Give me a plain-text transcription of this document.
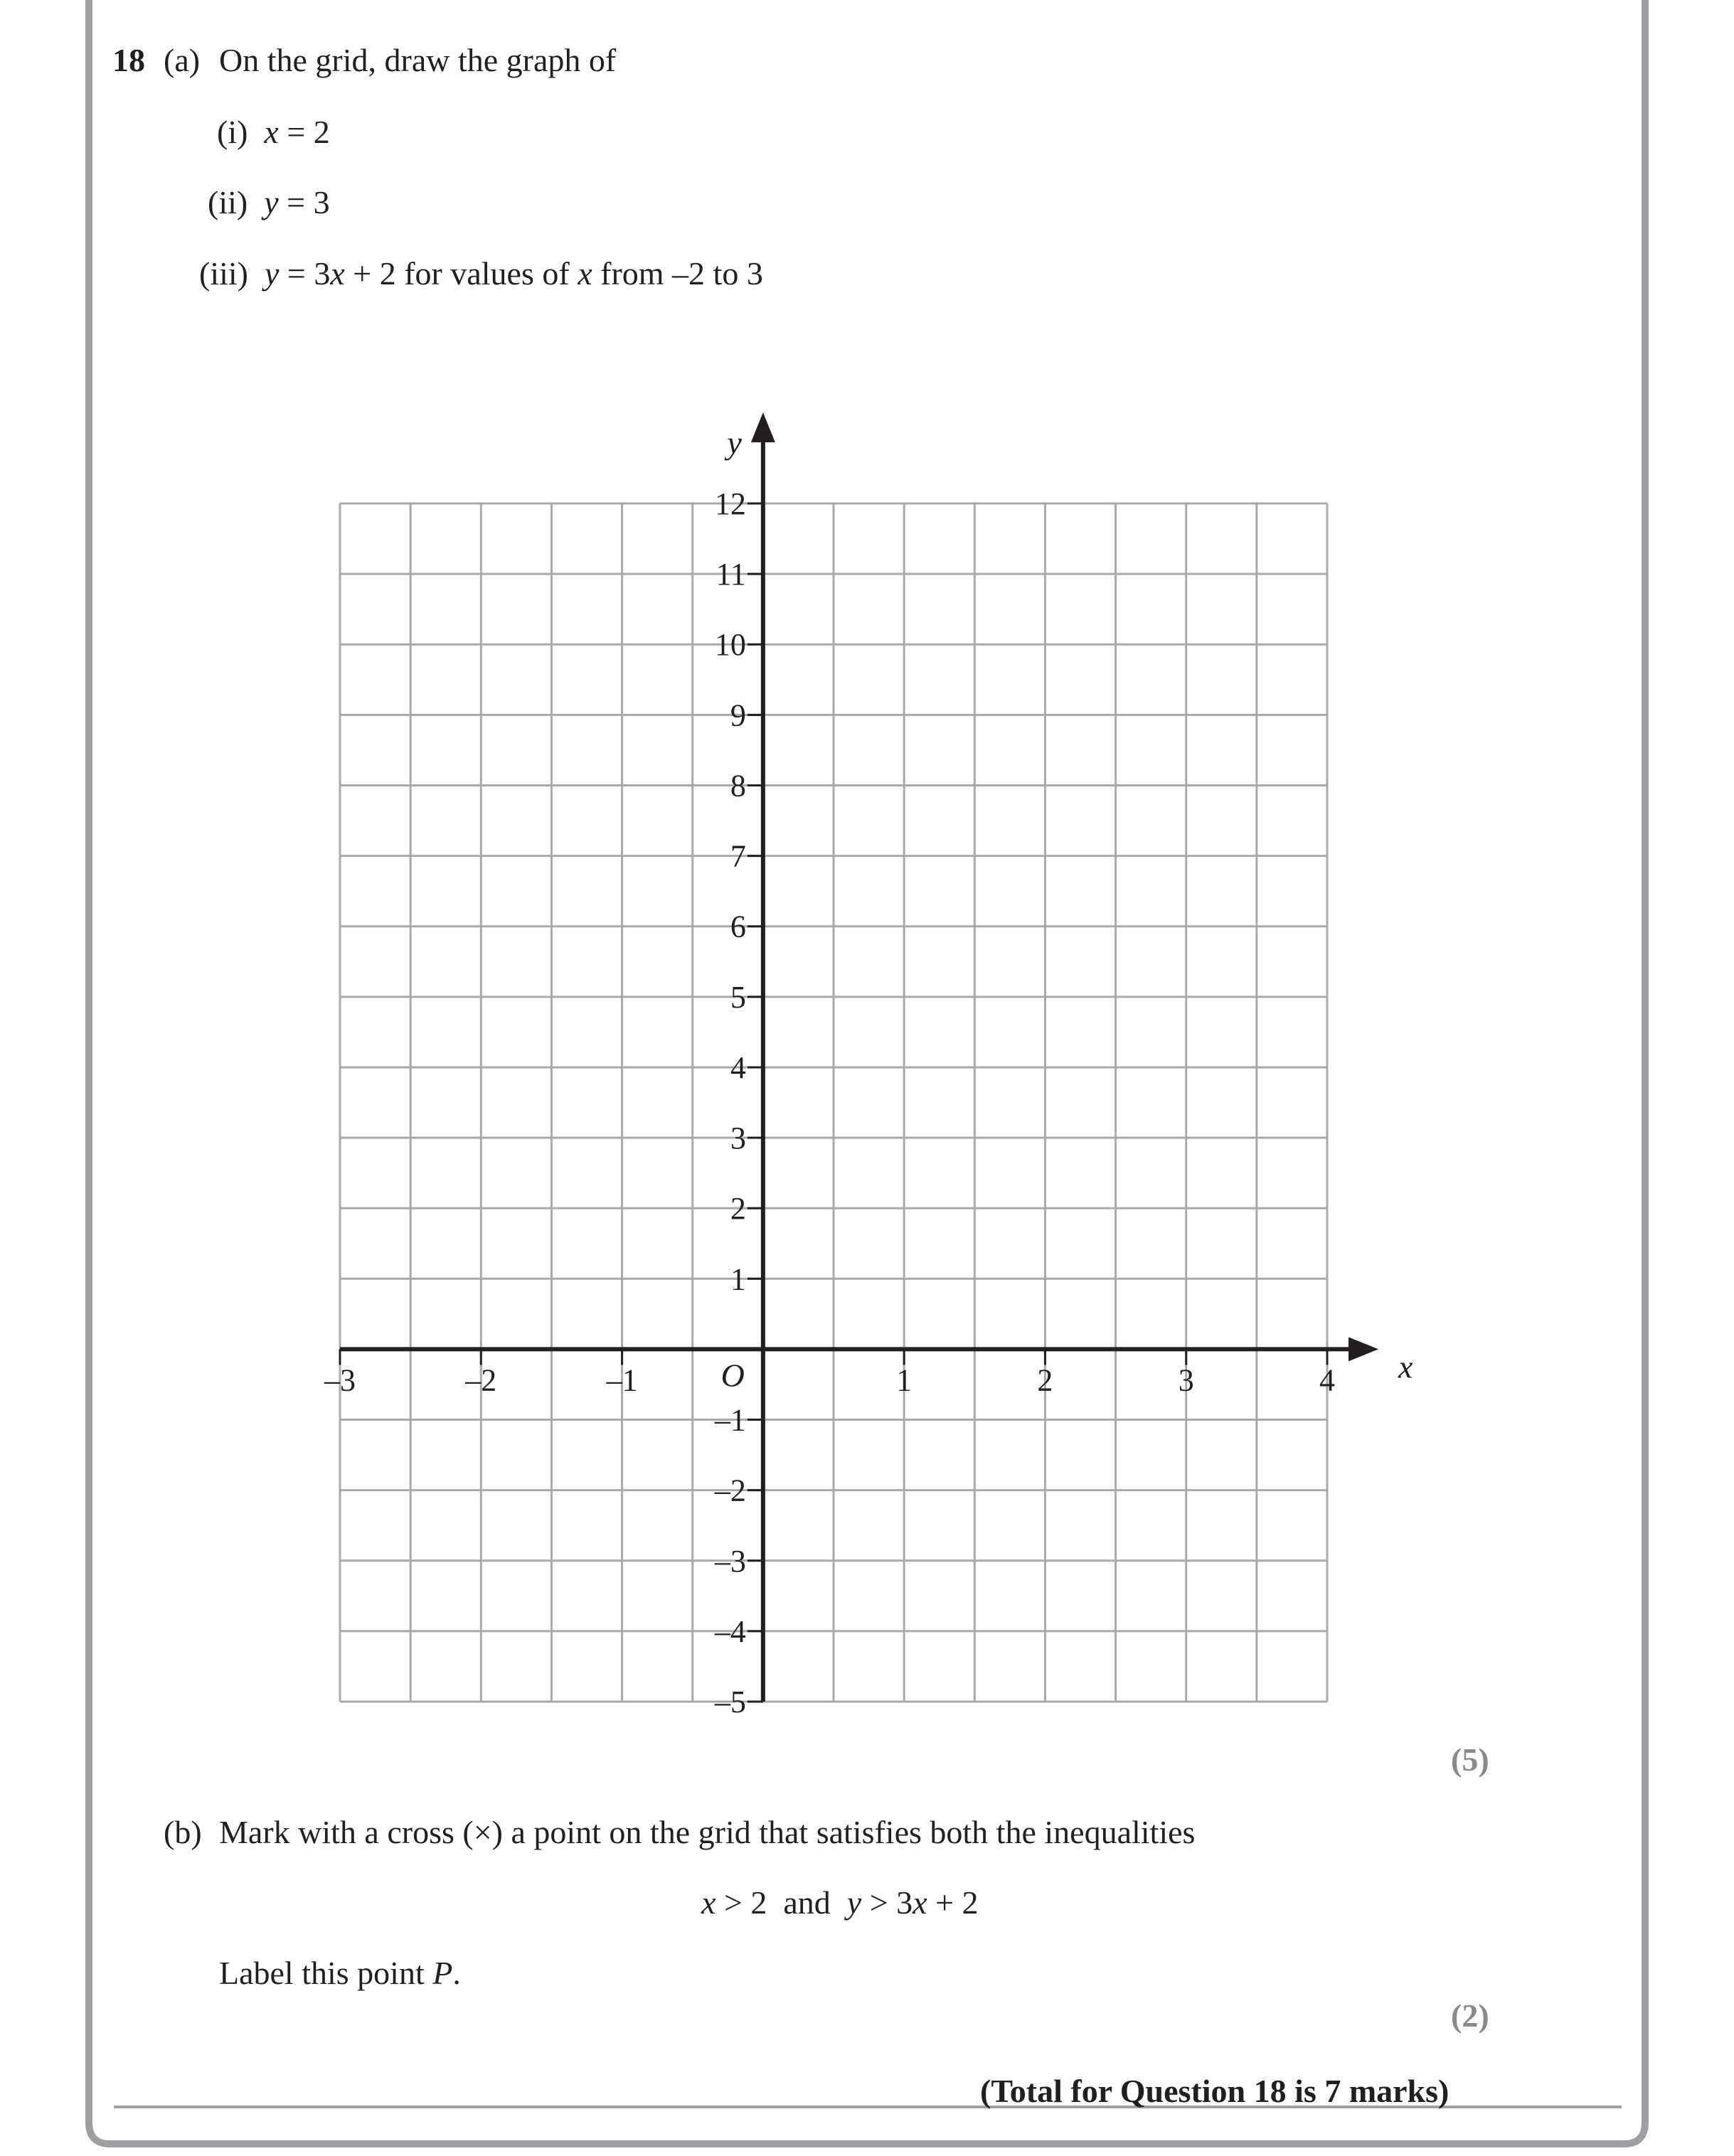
18 (a) On the grid, draw the graph of
(i) x = 2
(ii) y = 3
(iii) y = 3x + 2 for values of x from –2 to 3
–3	–2	–1	1	2	3	4
12
11
10
9
8
7
6
5
4
3
2
1
–1
–2
–3
–4
–5
x
y
O
(5)
(b) Mark with a cross (×) a point on the grid that satisfies both the inequalities
x > 2  and  y > 3x + 2
Label this point P.
(2)
(Total for Question 18 is 7 marks)
